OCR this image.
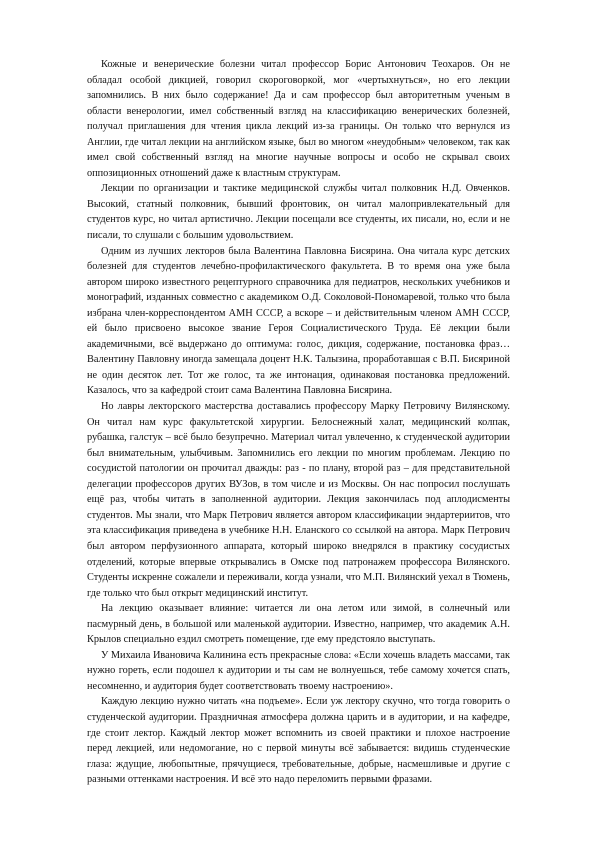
Кожные и венерические болезни читал профессор Борис Антонович Теохаров. Он не обладал особой дикцией, говорил скороговоркой, мог «чертыхнуться», но его лекции запомнились. В них было содержание! Да и сам профессор был авторитетным ученым в области венерологии, имел собственный взгляд на классификацию венерических болезней, получал приглашения для чтения цикла лекций из-за границы. Он только что вернулся из Англии, где читал лекции на английском языке, был во многом «неудобным» человеком, так как имел свой собственный взгляд на многие научные вопросы и особо не скрывал своих оппозиционных отношений даже к властным структурам.

Лекции по организации и тактике медицинской службы читал полковник Н.Д. Овченков. Высокий, статный полковник, бывший фронтовик, он читал малопривлекательный для студентов курс, но читал артистично. Лекции посещали все студенты, их писали, но, если и не писали, то слушали с большим удовольствием.

Одним из лучших лекторов была Валентина Павловна Бисярина. Она читала курс детских болезней для студентов лечебно-профилактического факультета. В то время она уже была автором широко известного рецептурного справочника для педиатров, нескольких учебников и монографий, изданных совместно с академиком О.Д. Соколовой-Пономаревой, только что была избрана член-корреспондентом АМН СССР, а вскоре – и действительным членом АМН СССР, ей было присвоено высокое звание Героя Социалистического Труда. Её лекции были академичными, всё выдержано до оптимума: голос, дикция, содержание, постановка фраз… Валентину Павловну иногда замещала доцент Н.К. Талызина, проработавшая с В.П. Бисяриной не один десяток лет. Тот же голос, та же интонация, одинаковая постановка предложений. Казалось, что за кафедрой стоит сама Валентина Павловна Бисярина.

Но лавры лекторского мастерства доставались профессору Марку Петровичу Вилянскому. Он читал нам курс факультетской хирургии. Белоснежный халат, медицинский колпак, рубашка, галстук – всё было безупречно. Материал читал увлеченно, к студенческой аудитории был внимательным, улыбчивым. Запомнились его лекции по многим проблемам. Лекцию по сосудистой патологии он прочитал дважды: раз - по плану, второй раз – для представительной делегации профессоров других ВУЗов, в том числе и из Москвы. Он нас попросил послушать ещё раз, чтобы читать в заполненной аудитории. Лекция закончилась под аплодисменты студентов. Мы знали, что Марк Петрович является автором классификации эндартериитов, что эта классификация приведена в учебнике Н.Н. Еланского со ссылкой на автора. Марк Петрович был автором перфузионного аппарата, который широко внедрялся в практику сосудистых отделений, которые впервые открывались в Омске под патронажем профессора Вилянского. Студенты искренне сожалели и переживали, когда узнали, что М.П. Вилянский уехал в Тюмень, где только что был открыт медицинский институт.

На лекцию оказывает влияние: читается ли она летом или зимой, в солнечный или пасмурный день, в большой или маленькой аудитории. Известно, например, что академик А.Н. Крылов специально ездил смотреть помещение, где ему предстояло выступать.

У Михаила Ивановича Калинина есть прекрасные слова: «Если хочешь владеть массами, так нужно гореть, если подошел к аудитории и ты сам не волнуешься, тебе самому хочется спать, несомненно, и аудитория будет соответствовать твоему настроению».

Каждую лекцию нужно читать «на подъеме». Если уж лектору скучно, что тогда говорить о студенческой аудитории. Праздничная атмосфера должна царить и в аудитории, и на кафедре, где стоит лектор. Каждый лектор может вспомнить из своей практики и плохое настроение перед лекцией, или недомогание, но с первой минуты всё забывается: видишь студенческие глаза: ждущие, любопытные, прячущиеся, требовательные, добрые, насмешливые и другие с разными оттенками настроения. И всё это надо переломить первыми фразами.
